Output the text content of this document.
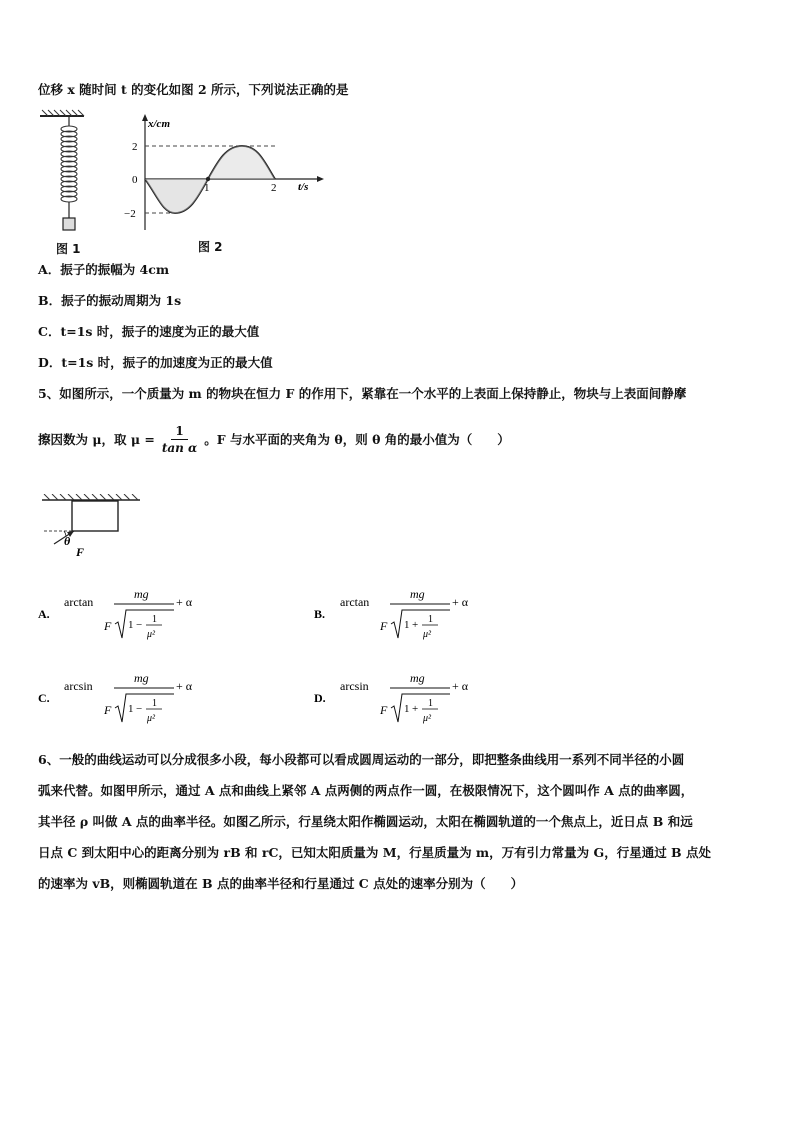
位移 x 随时间 t 的变化如图 2 所示，下列说法正确的是
图 1
x/cm
t/s
2
0
−2
1	2
图 2
A．振子的振幅为 4cm
B．振子的振动周期为 1s
C．t=1s 时，振子的速度为正的最大值
D．t=1s 时，振子的加速度为正的最大值
5、如图所示，一个质量为 m 的物块在恒力 F 的作用下，紧靠在一个水平的上表面上保持静止，物块与上表面间静摩
擦因数为 μ，取 $\mu = \frac{1}{\text{tan α}}$ 。F 与水平面的夹角为 θ，则 θ 角的最小值为（　　）
θ
F
A.
arctan
mg
F 1 − 1
μ²
+ α
B.
arctan
mg
F 1 + 1
μ²
+ α
C.
arcsin
mg
F 1 − 1
μ²
+ α
D.
arcsin
mg
F 1 + 1
μ²
+ α
6、一般的曲线运动可以分成很多小段，每小段都可以看成圆周运动的一部分，即把整条曲线用一系列不同半径的小圆
弧来代替。如图甲所示，通过 A 点和曲线上紧邻 A 点两侧的两点作一圆，在极限情况下，这个圆叫作 A 点的曲率圆，
其半径 ρ 叫做 A 点的曲率半径。如图乙所示，行星绕太阳作椭圆运动，太阳在椭圆轨道的一个焦点上，近日点 B 和远
日点 C 到太阳中心的距离分别为 rB 和 rC，已知太阳质量为 M，行星质量为 m，万有引力常量为 G，行星通过 B 点处
的速率为 vB，则椭圆轨道在 B 点的曲率半径和行星通过 C 点处的速率分别为（　　）
